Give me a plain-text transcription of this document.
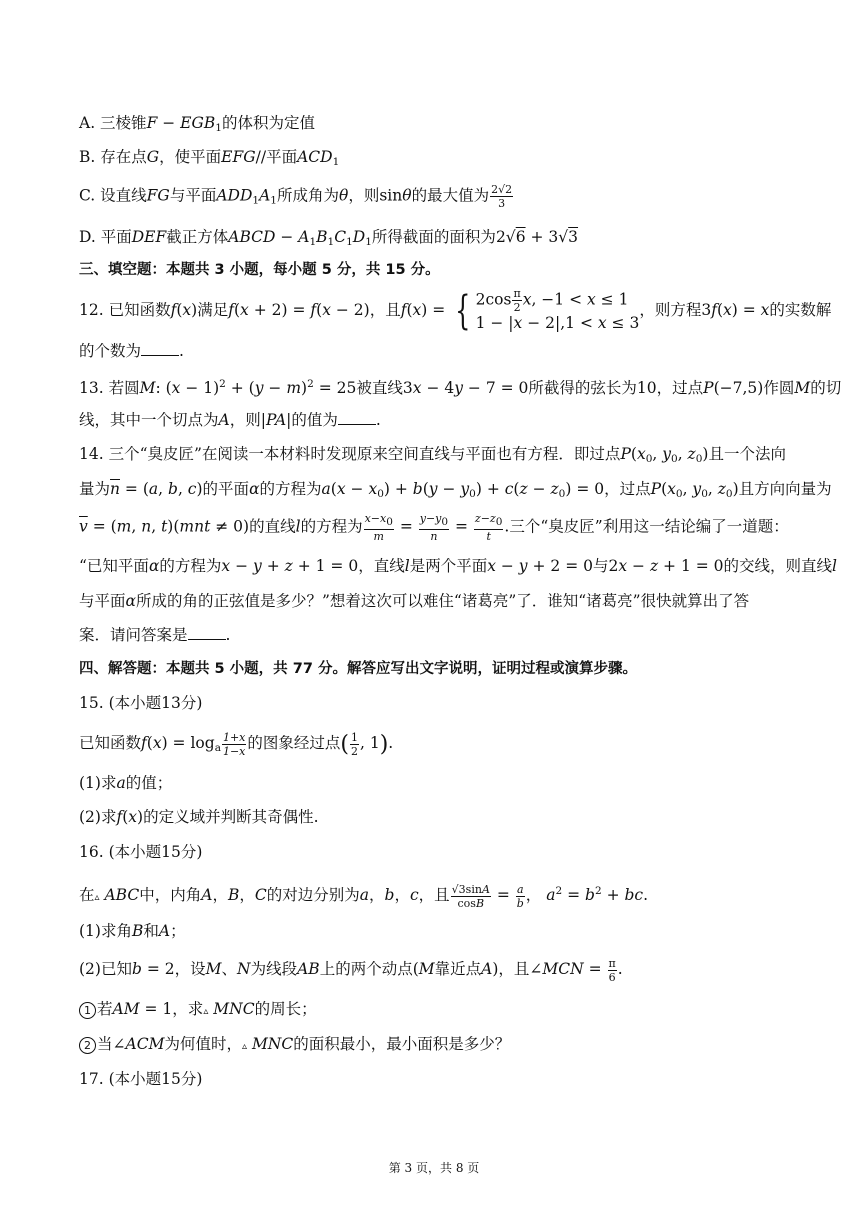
A. 三棱锥$F - EGB_1$的体积为定值
B. 存在点G，使平面EFG//平面$ACD_1$
C. 设直线FG与平面$ADD_1A_1$所成角为θ，则sinθ的最大值为 $\frac{2√2}{3}$
D. 平面DEF截正方体ABCD − $A_1B_1C_1D_1$所得截面的面积为2√6 + 3√3
三、填空题：本题共 3 小题，每小题 5 分，共 15 分。
12. 已知函数f(x)满足f(x + 2) = f(x − 2)，且f(x) = { $2\cos \frac{\pi}{2} x$, −1 < x ≤ 1
1 − |x − 2|,1 < x ≤ 3
，则方程3f(x) = x的实数解
的个数为 .
13. 若圆M: $(x - 1)^2 + (y - m)^2 = 25$被直线3x − 4y − 7 = 0所截得的弦长为10，过点P(−7,5)作圆M的切
线，其中一个切点为A，则|PA|的值为 .
14. 三个“臭皮匠”在阅读一本材料时发现原来空间直线与平面也有方程．即过点$P(x_0$, $y_0$, $z_0$)且一个法向
量为$\overline{n} = (a$, b, c)的平面α的方程为$a(x - x_0) + b(y - y_0) + c(z - z_0) = 0$，过点$P(x_0$, $y_0$, $z_0$)且方向向量为
$\overline{v} = (m$, n, t)(mnt ≠ 0)的直线l的方程为 $\frac{x-x0}{m} = \frac{y-y0}{n} = \frac{z-z0}{t}$ .三个“臭皮匠”利用这一结论编了一道题：
“已知平面α的方程为x − y + z + 1 = 0，直线l是两个平面x − y + 2 = 0与2x − z + 1 = 0的交线，则直线l
与平面α所成的角的正弦值是多少？”想着这次可以难住“诸葛亮”了．谁知“诸葛亮”很快就算出了答
案．请问答案是 .
四、解答题：本题共 5 小题，共 77 分。解答应写出文字说明，证明过程或演算步骤。
15. (本小题13分)
已知函数$f(x) = \log_a \frac{1+x}{1-x}$ 的图象经过点( $\frac{1}{2}$ , 1).
(1)求a的值；
(2)求f(x)的定义域并判断其奇偶性.
16. (本小题15分)
在▵ ABC中，内角A，B，C的对边分别为a，b，c，且 $\frac{√3\sin A}{\cos B} = \frac{a}{b}$ ， $a^2 = b^2$ + bc.
(1)求角B和A；
(2)已知b = 2，设M、N为线段AB上的两个动点(M靠近点A)，且∠MCN = $\frac{\pi}{6}$ .
1 若AM = 1，求▵ MNC的周长；
2 当∠ACM为何值时，▵ MNC的面积最小，最小面积是多少？
17. (本小题15分)
第 3 页，共 8 页
